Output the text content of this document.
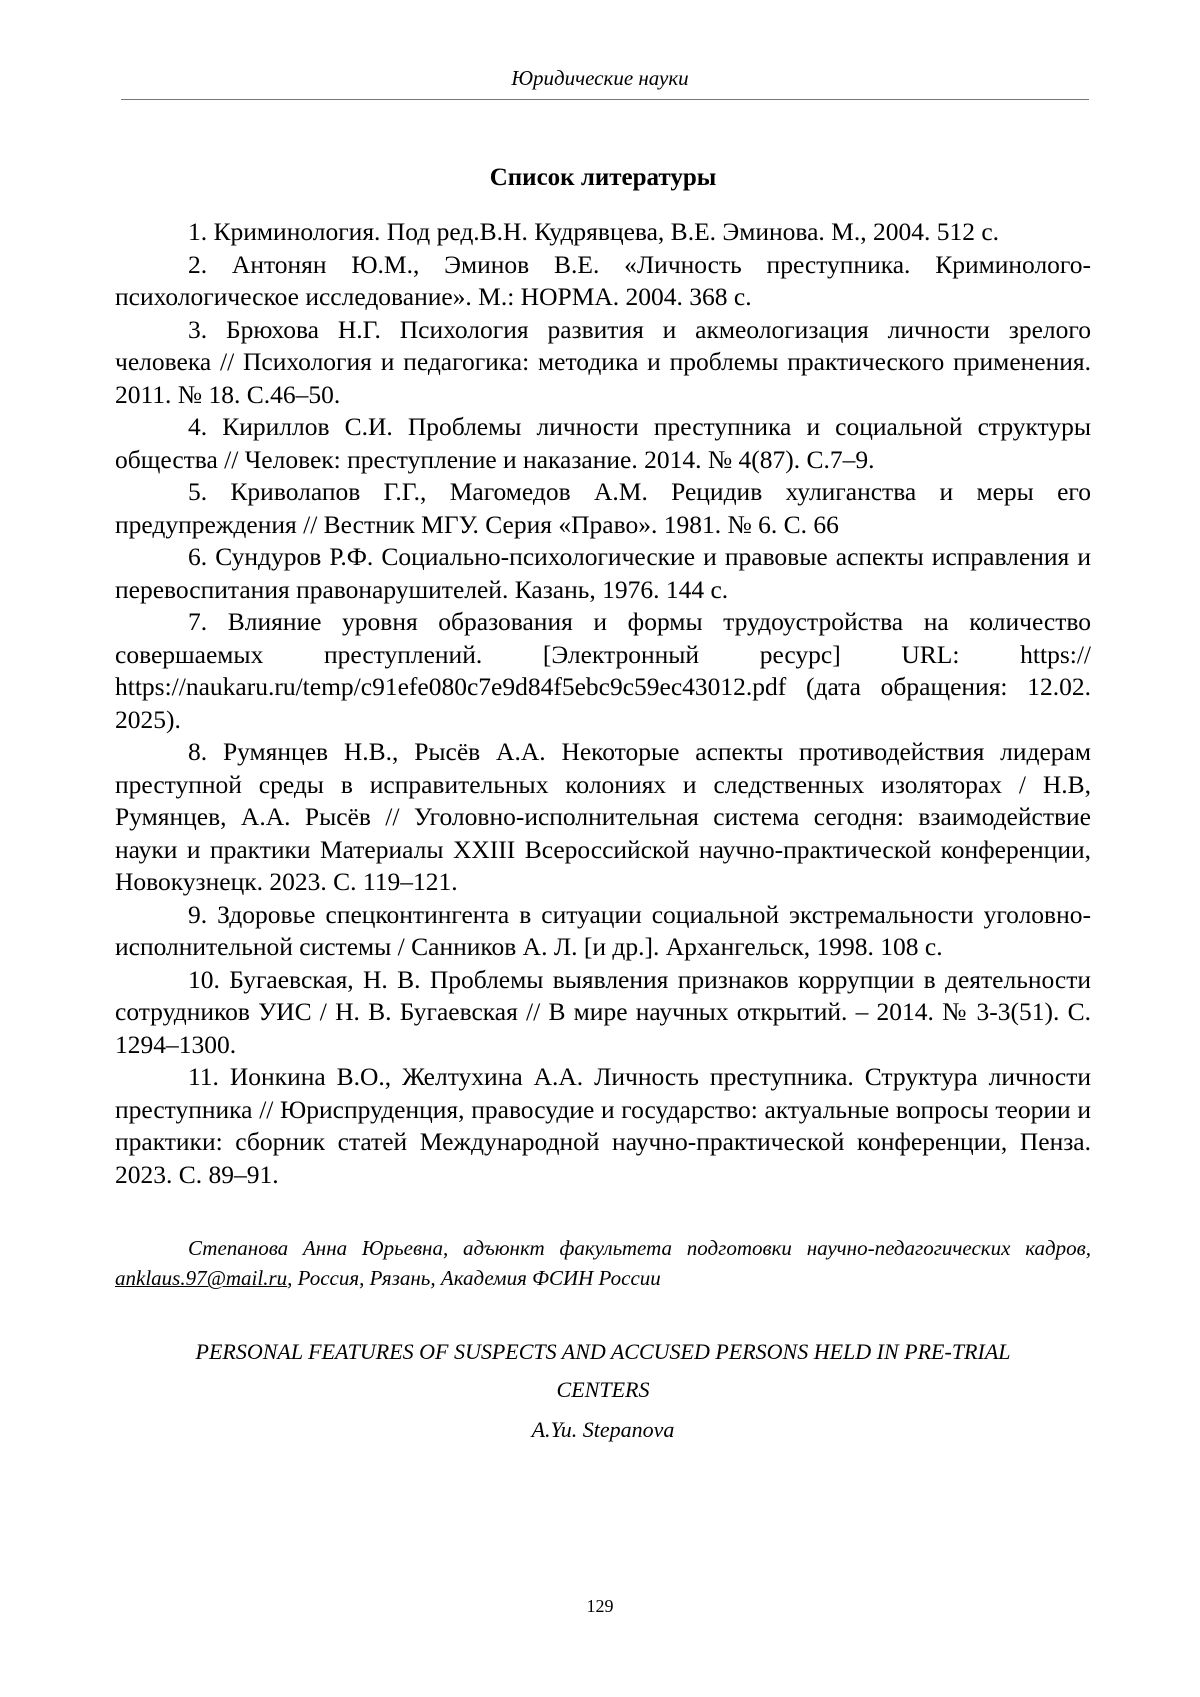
Юридические науки
Список литературы

1. Криминология. Под ред.В.Н. Кудрявцева, В.Е. Эминова. М., 2004. 512 с.

2. Антонян Ю.М., Эминов В.Е. «Личность преступника. Криминолого-психологическое исследование». М.: НОРМА. 2004. 368 с.

3. Брюхова Н.Г. Психология развития и акмеологизация личности зрелого человека // Психология и педагогика: методика и проблемы практического применения. 2011. № 18. С.46–50.

4. Кириллов С.И. Проблемы личности преступника и социальной структуры общества // Человек: преступление и наказание. 2014. № 4(87). С.7–9.

5. Криволапов Г.Г., Магомедов А.М. Рецидив хулиганства и меры его предупреждения // Вестник МГУ. Серия «Право». 1981. № 6. С. 66

6. Сундуров Р.Ф. Социально-психологические и правовые аспекты исправления и перевоспитания правонарушителей. Казань, 1976. 144 с.

7. Влияние уровня образования и формы трудоустройства на количество совершаемых преступлений. [Электронный ресурс] URL: https:// https://naukaru.ru/temp/c91efe080c7e9d84f5ebc9c59ec43012.pdf (дата обращения: 12.02. 2025).

8. Румянцев Н.В., Рысёв А.А. Некоторые аспекты противодействия лидерам преступной среды в исправительных колониях и следственных изоляторах / Н.В, Румянцев, А.А. Рысёв // Уголовно-исполнительная система сегодня: взаимодействие науки и практики Материалы XXIII Всероссийской научно-практической конференции, Новокузнецк. 2023. С. 119–121.

9. Здоровье спецконтингента в ситуации социальной экстремальности уголовно-исполнительной системы / Санников А. Л. [и др.]. Архангельск, 1998. 108 с.

10. Бугаевская, Н. В. Проблемы выявления признаков коррупции в деятельности сотрудников УИС / Н. В. Бугаевская // В мире научных открытий. – 2014. № 3-3(51). С. 1294–1300.

11. Ионкина В.О., Желтухина А.А. Личность преступника. Структура личности преступника // Юриспруденция, правосудие и государство: актуальные вопросы теории и практики: сборник статей Международной научно-практической конференции, Пенза. 2023. С. 89–91.

Степанова Анна Юрьевна, адъюнкт факультета подготовки научно-педагогических кадров, anklaus.97@mail.ru, Россия, Рязань, Академия ФСИН России
PERSONAL FEATURES OF SUSPECTS AND ACCUSED PERSONS HELD IN PRE-TRIAL CENTERS
A.Yu. Stepanova
129
